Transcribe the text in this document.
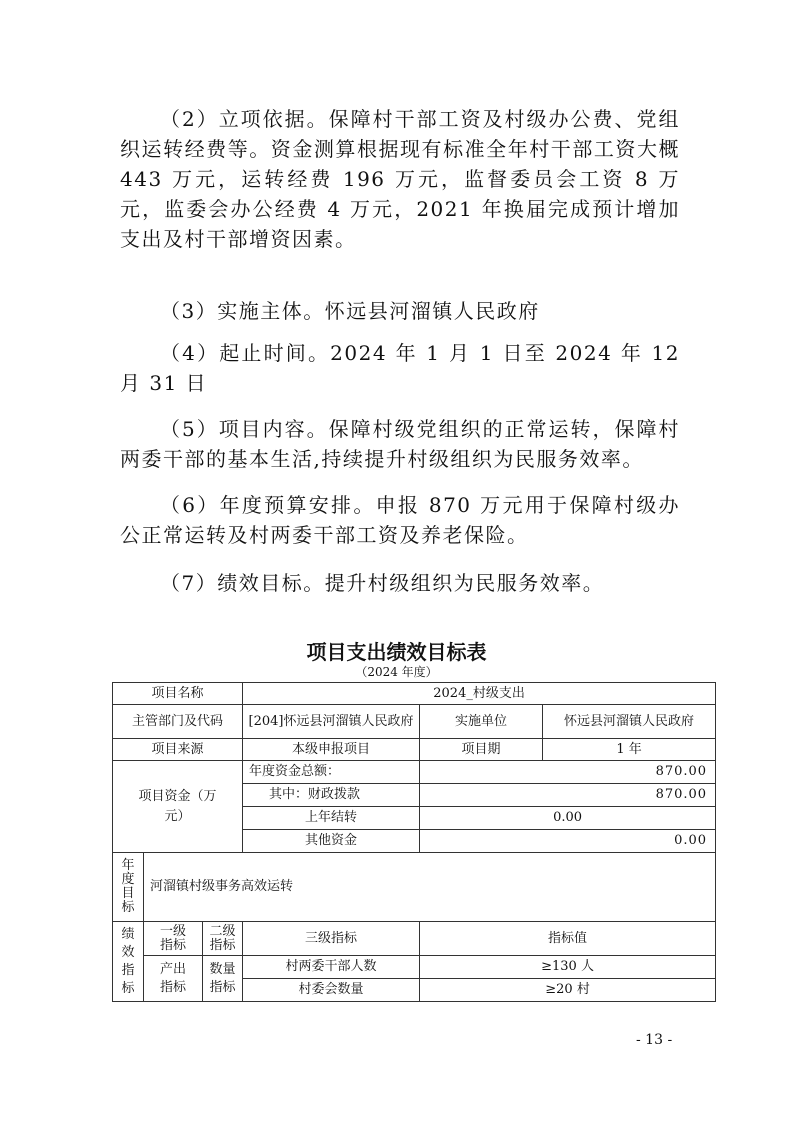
（2）立项依据。保障村干部工资及村级办公费、党组织运转经费等。资金测算根据现有标准全年村干部工资大概 443 万元，运转经费 196 万元，监督委员会工资 8 万元，监委会办公经费 4 万元，2021 年换届完成预计增加支出及村干部增资因素。

（3）实施主体。怀远县河溜镇人民政府

（4）起止时间。2024 年 1 月 1 日至 2024 年 12 月 31 日

（5）项目内容。保障村级党组织的正常运转，保障村两委干部的基本生活,持续提升村级组织为民服务效率。

（6）年度预算安排。申报 870 万元用于保障村级办公正常运转及村两委干部工资及养老保险。

（7）绩效目标。提升村级组织为民服务效率。

项目支出绩效目标表
（2024 年度）
项目名称			2024_村级支出		
主管部门及代码			[204]怀远县河溜镇人民政府	实施单位	怀远县河溜镇人民政府
项目来源			本级申报项目	项目期	1 年
项目资金（万元）			年度资金总额：	870.00	
			其中：财政拨款	870.00	
			上年结转	0.00	
			其他资金	0.00	
年度目标	河溜镇村级事务高效运转				
绩效指标	一级指标	二级指标	三级指标	指标值	
	产出指标	数量指标	村两委干部人数	≥130 人	
			村委会数量	≥20 村	
- 13 -
